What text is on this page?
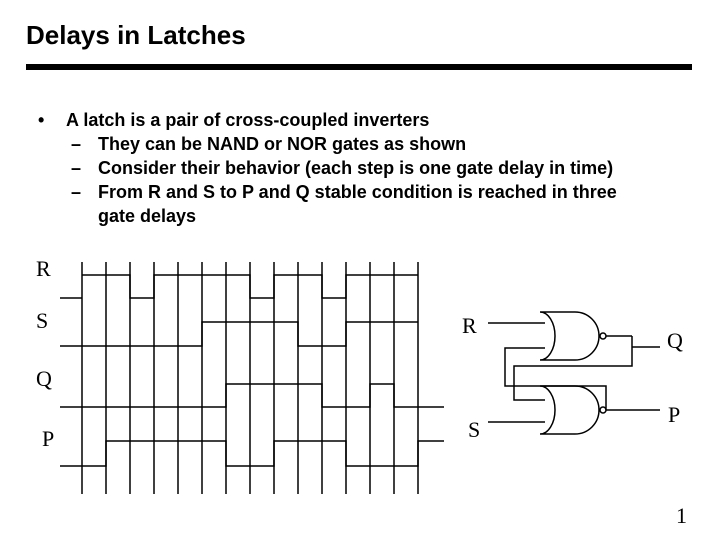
Delays in Latches
• A latch is a pair of cross-coupled inverters
– They can be NAND or NOR gates as shown
– Consider their behavior (each step is one gate delay in time)
– From R and S to P and Q stable condition is reached in three gate delays
R
S
Q
P
R
S
Q
P
1
